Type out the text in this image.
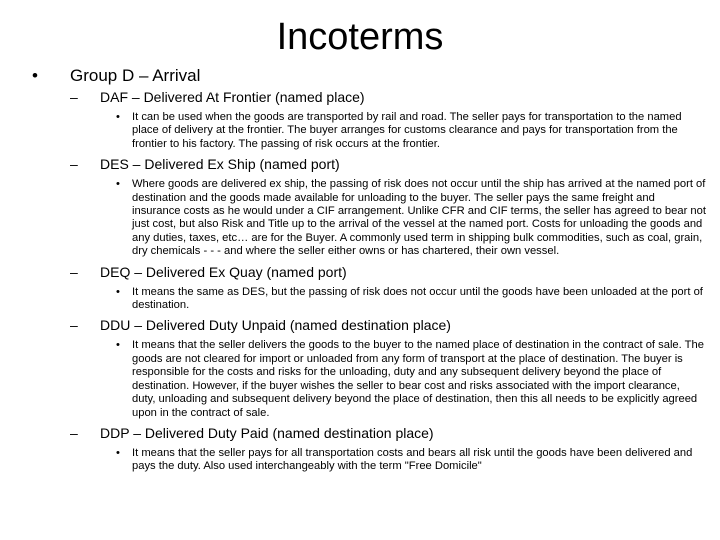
Incoterms
• Group D – Arrival
– DAF – Delivered At Frontier (named place)
• It can be used when the goods are transported by rail and road. The seller pays for transportation to the named place of delivery at the frontier. The buyer arranges for customs clearance and pays for transportation from the frontier to his factory. The passing of risk occurs at the frontier.
– DES – Delivered Ex Ship (named port)
• Where goods are delivered ex ship, the passing of risk does not occur until the ship has arrived at the named port of destination and the goods made available for unloading to the buyer. The seller pays the same freight and insurance costs as he would under a CIF arrangement. Unlike CFR and CIF terms, the seller has agreed to bear not just cost, but also Risk and Title up to the arrival of the vessel at the named port. Costs for unloading the goods and any duties, taxes, etc… are for the Buyer. A commonly used term in shipping bulk commodities, such as coal, grain, dry chemicals - - - and where the seller either owns or has chartered, their own vessel.
– DEQ – Delivered Ex Quay (named port)
• It means the same as DES, but the passing of risk does not occur until the goods have been unloaded at the port of destination.
– DDU – Delivered Duty Unpaid (named destination place)
• It means that the seller delivers the goods to the buyer to the named place of destination in the contract of sale. The goods are not cleared for import or unloaded from any form of transport at the place of destination. The buyer is responsible for the costs and risks for the unloading, duty and any subsequent delivery beyond the place of destination. However, if the buyer wishes the seller to bear cost and risks associated with the import clearance, duty, unloading and subsequent delivery beyond the place of destination, then this all needs to be explicitly agreed upon in the contract of sale.
– DDP – Delivered Duty Paid (named destination place)
• It means that the seller pays for all transportation costs and bears all risk until the goods have been delivered and pays the duty. Also used interchangeably with the term "Free Domicile"
